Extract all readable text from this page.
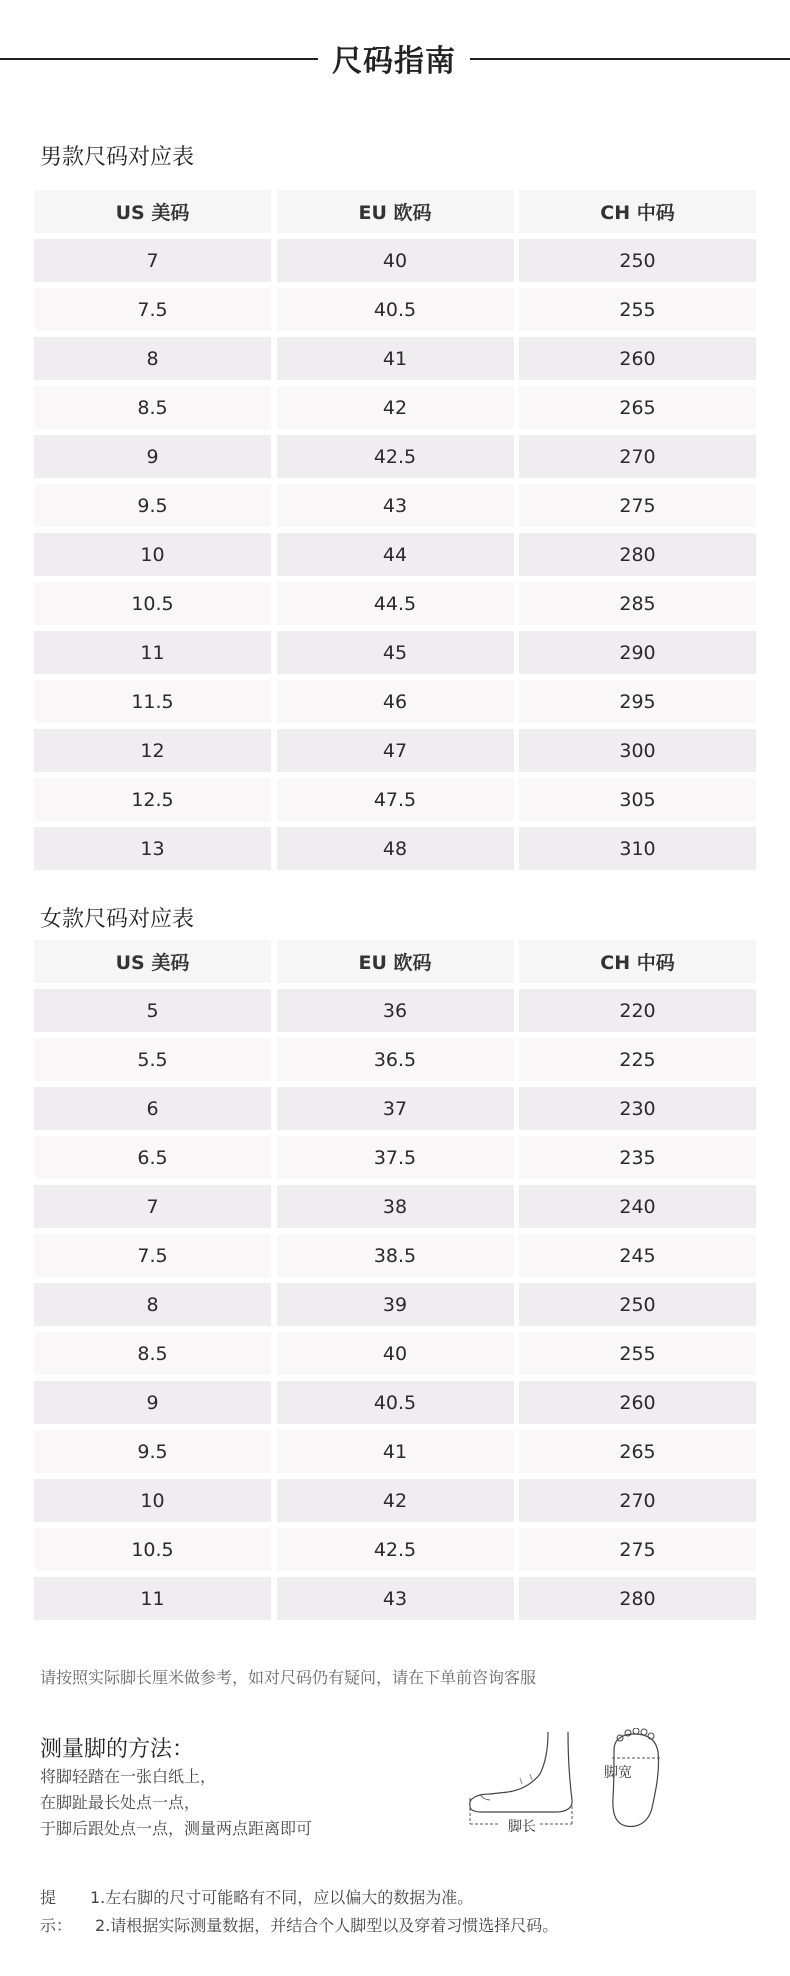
尺码指南
男款尺码对应表
US 美码	EU 欧码	CH 中码
7	40	250
7.5	40.5	255
8	41	260
8.5	42	265
9	42.5	270
9.5	43	275
10	44	280
10.5	44.5	285
11	45	290
11.5	46	295
12	47	300
12.5	47.5	305
13	48	310
女款尺码对应表
US 美码	EU 欧码	CH 中码
5	36	220
5.5	36.5	225
6	37	230
6.5	37.5	235
7	38	240
7.5	38.5	245
8	39	250
8.5	40	255
9	40.5	260
9.5	41	265
10	42	270
10.5	42.5	275
11	43	280
请按照实际脚长厘米做参考，如对尺码仍有疑问，请在下单前咨询客服
测量脚的方法：
将脚轻踏在一张白纸上，
在脚趾最长处点一点，
于脚后跟处点一点，测量两点距离即可	脚长
脚宽
提示：
1.左右脚的尺寸可能略有不同，应以偏大的数据为准。
2.请根据实际测量数据，并结合个人脚型以及穿着习惯选择尺码。
